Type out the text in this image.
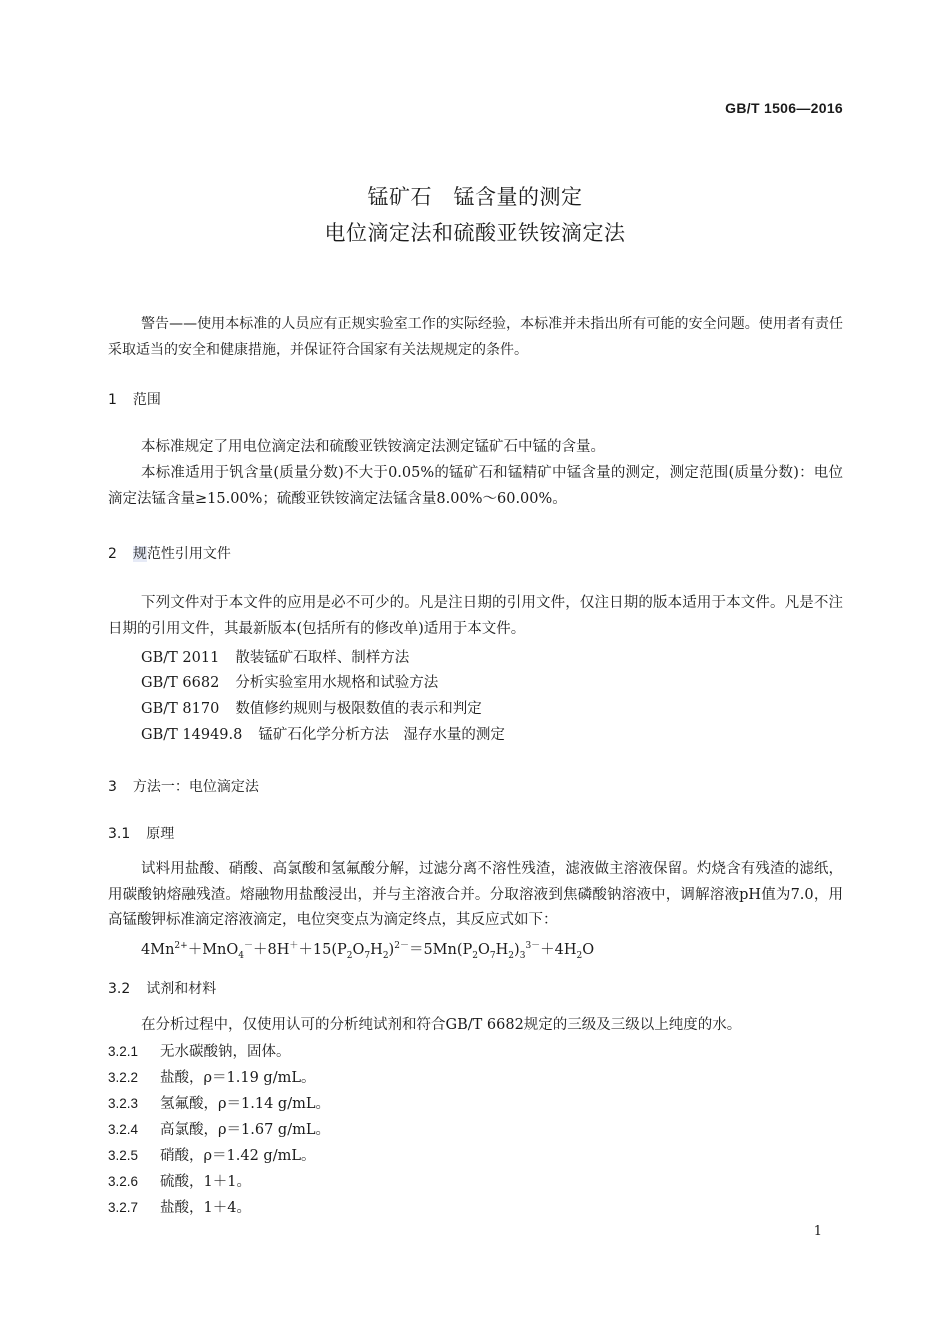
GB/T 1506—2016
锰矿石　锰含量的测定
电位滴定法和硫酸亚铁铵滴定法
警告——使用本标准的人员应有正规实验室工作的实际经验，本标准并未指出所有可能的安全问题。使用者有责任采取适当的安全和健康措施，并保证符合国家有关法规规定的条件。
1 范围
本标准规定了用电位滴定法和硫酸亚铁铵滴定法测定锰矿石中锰的含量。
本标准适用于钒含量(质量分数)不大于0.05%的锰矿石和锰精矿中锰含量的测定，测定范围(质量分数)：电位滴定法锰含量≥15.00%；硫酸亚铁铵滴定法锰含量8.00%～60.00%。
2 规范性引用文件
下列文件对于本文件的应用是必不可少的。凡是注日期的引用文件，仅注日期的版本适用于本文件。凡是不注日期的引用文件，其最新版本(包括所有的修改单)适用于本文件。
GB/T 2011 散装锰矿石取样、制样方法
GB/T 6682 分析实验室用水规格和试验方法
GB/T 8170 数值修约规则与极限数值的表示和判定
GB/T 14949.8 锰矿石化学分析方法　湿存水量的测定
3 方法一：电位滴定法
3.1 原理
试料用盐酸、硝酸、高氯酸和氢氟酸分解，过滤分离不溶性残渣，滤液做主溶液保留。灼烧含有残渣的滤纸，用碳酸钠熔融残渣。熔融物用盐酸浸出，并与主溶液合并。分取溶液到焦磷酸钠溶液中，调解溶液pH值为7.0，用高锰酸钾标准滴定溶液滴定，电位突变点为滴定终点，其反应式如下：
$4Mn^{2+}+MnO_4^-+8H^++15(P_2O_7H_2)^{2-}=5Mn(P_2O_7H_2)_3^{3-}+4H_2O$
3.2 试剂和材料
在分析过程中，仅使用认可的分析纯试剂和符合GB/T 6682规定的三级及三级以上纯度的水。
3.2.1 无水碳酸钠，固体。
3.2.2 盐酸，ρ＝1.19 g/mL。
3.2.3 氢氟酸，ρ＝1.14 g/mL。
3.2.4 高氯酸，ρ＝1.67 g/mL。
3.2.5 硝酸，ρ＝1.42 g/mL。
3.2.6 硫酸，1＋1。
3.2.7 盐酸，1＋4。
1
